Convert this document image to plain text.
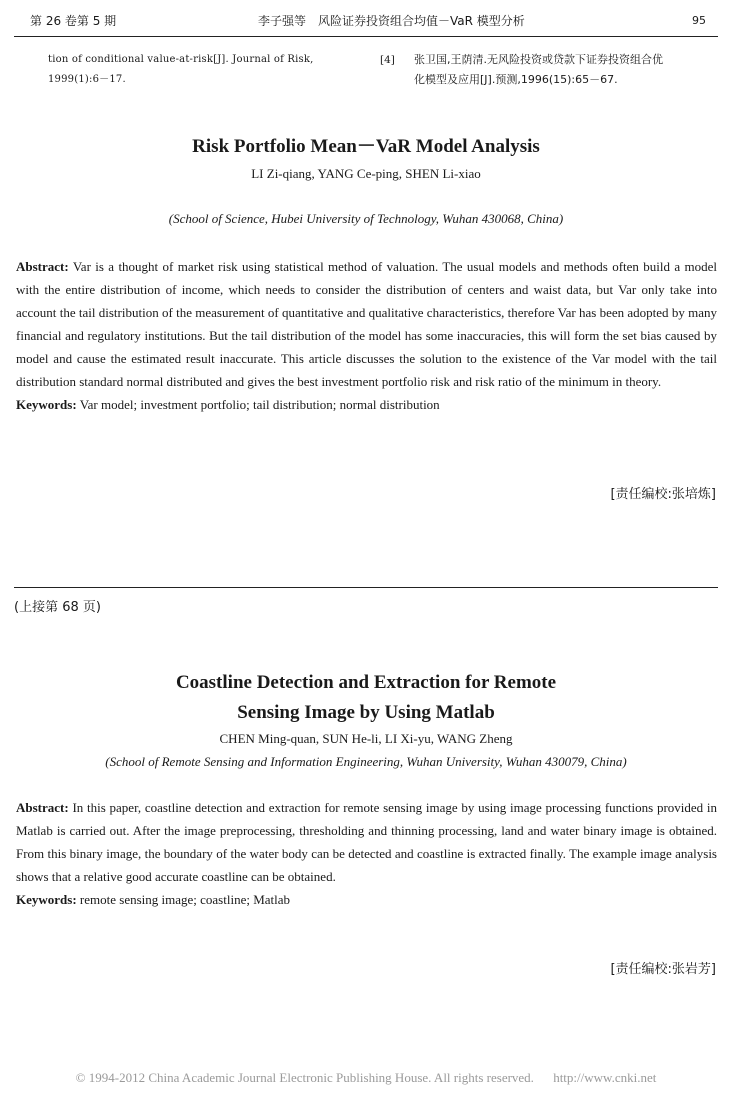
第 26 卷第 5 期	李子强等　风险证券投资组合均值－VaR 模型分析	95
tion of conditional value-at-risk[J]. Journal of Risk,
1999(1):6－17.
[4] 张卫国,王荫清.无风险投资或贷款下证券投资组合优
化模型及应用[J].预测,1996(15):65－67.
Risk Portfolio Mean－VaR Model Analysis
LI Zi-qiang, YANG Ce-ping, SHEN Li-xiao
(School of Science, Hubei University of Technology, Wuhan 430068, China)
Abstract: Var is a thought of market risk using statistical method of valuation. The usual models and methods often build a model with the entire distribution of income, which needs to consider the distribution of centers and waist data, but Var only take into account the tail distribution of the measurement of quantitative and qualitative characteristics, therefore Var has been adopted by many financial and regulatory institutions. But the tail distribution of the model has some inaccuracies, this will form the set bias caused by model and cause the estimated result inaccurate. This article discusses the solution to the existence of the Var model with the tail distribution standard normal distributed and gives the best investment portfolio risk and risk ratio of the minimum in theory.
Keywords: Var model; investment portfolio; tail distribution; normal distribution
[责任编校:张培炼]
(上接第 68 页)
Coastline Detection and Extraction for Remote
Sensing Image by Using Matlab
CHEN Ming-quan, SUN He-li, LI Xi-yu, WANG Zheng
(School of Remote Sensing and Information Engineering, Wuhan University, Wuhan 430079, China)
Abstract: In this paper, coastline detection and extraction for remote sensing image by using image processing functions provided in Matlab is carried out. After the image preprocessing, thresholding and thinning processing, land and water binary image is obtained. From this binary image, the boundary of the water body can be detected and coastline is extracted finally. The example image analysis shows that a relative good accurate coastline can be obtained.
Keywords: remote sensing image; coastline; Matlab
[责任编校:张岩芳]
© 1994-2012 China Academic Journal Electronic Publishing House. All rights reserved. http://www.cnki.net
